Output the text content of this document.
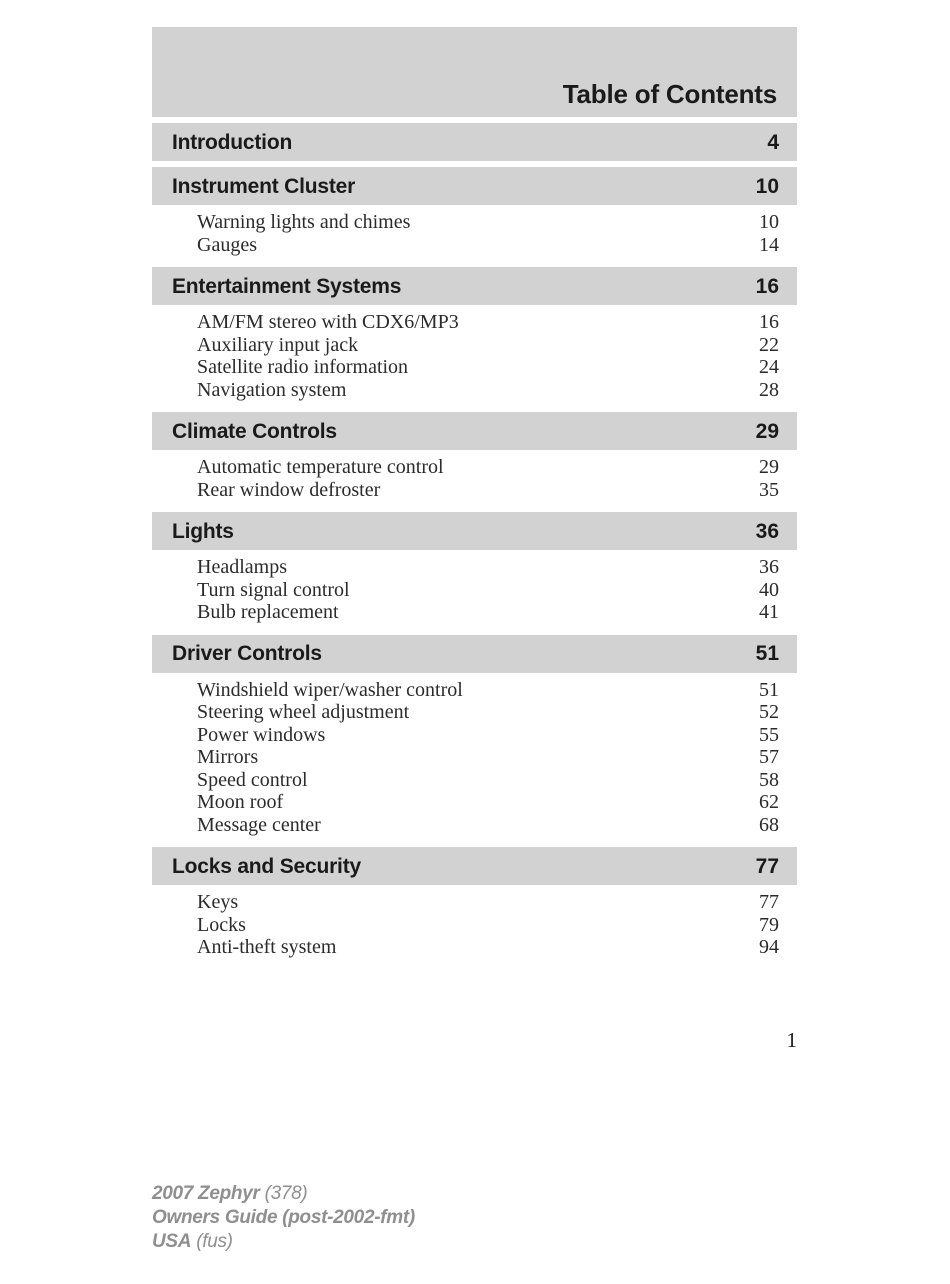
Table of Contents
Introduction	4
Instrument Cluster	10
Warning lights and chimes	10
Gauges	14
Entertainment Systems	16
AM/FM stereo with CDX6/MP3	16
Auxiliary input jack	22
Satellite radio information	24
Navigation system	28
Climate Controls	29
Automatic temperature control	29
Rear window defroster	35
Lights	36
Headlamps	36
Turn signal control	40
Bulb replacement	41
Driver Controls	51
Windshield wiper/washer control	51
Steering wheel adjustment	52
Power windows	55
Mirrors	57
Speed control	58
Moon roof	62
Message center	68
Locks and Security	77
Keys	77
Locks	79
Anti-theft system	94
1
2007 Zephyr (378)
Owners Guide (post-2002-fmt)
USA (fus)
